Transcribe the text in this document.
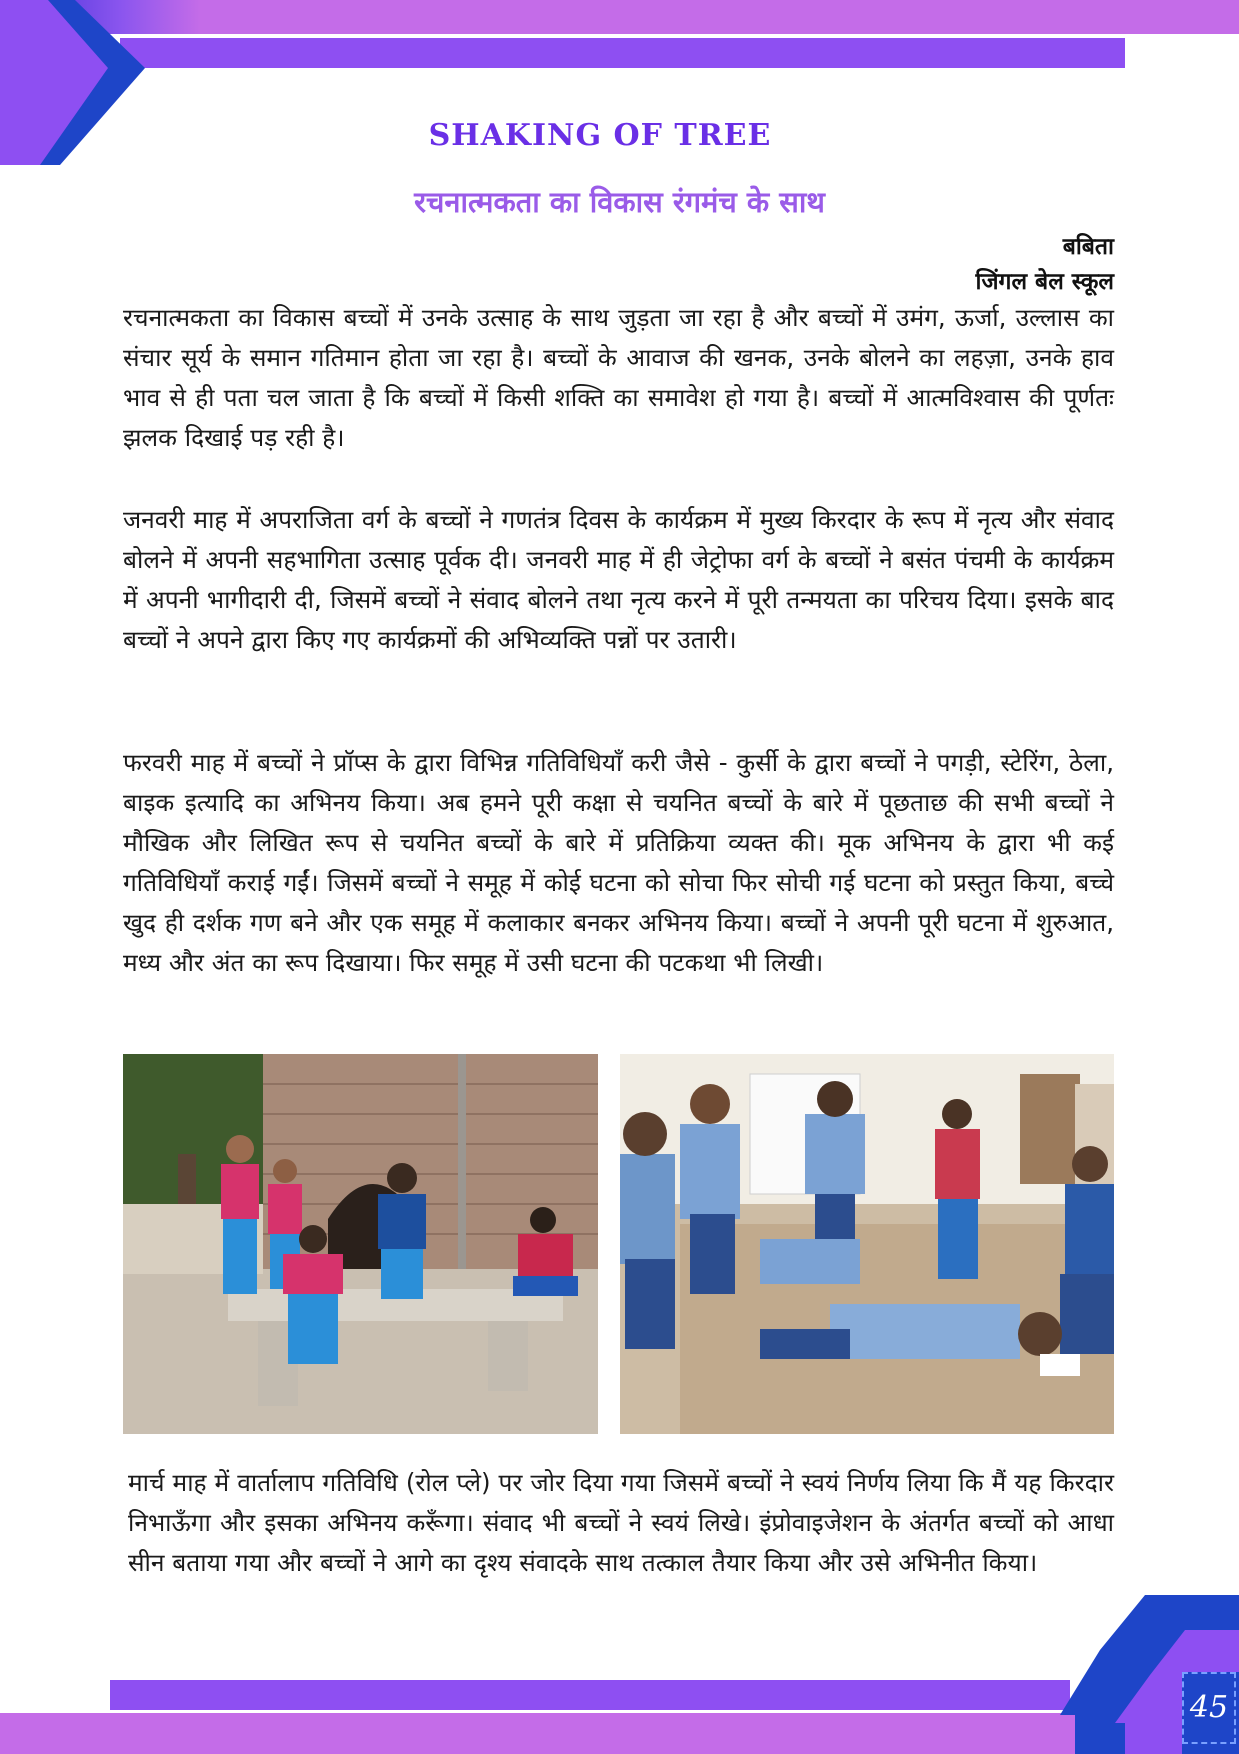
SHAKING OF TREE
रचनात्मकता का विकास रंगमंच के साथ
बबिता
जिंगल बेल स्कूल

रचनात्मकता का विकास बच्चों में उनके उत्साह के साथ जुड़ता जा रहा है और बच्चों में उमंग, ऊर्जा, उल्लास का संचार सूर्य के समान गतिमान होता जा रहा है। बच्चों के आवाज की खनक, उनके बोलने का लहज़ा, उनके हाव भाव से ही पता चल जाता है कि बच्चों में किसी शक्ति का समावेश हो गया है। बच्चों में आत्मविश्वास की पूर्णतः झलक दिखाई पड़ रही है।

जनवरी माह में अपराजिता वर्ग के बच्चों ने गणतंत्र दिवस के कार्यक्रम में मुख्य किरदार के रूप में नृत्य और संवाद बोलने में अपनी सहभागिता उत्साह पूर्वक दी। जनवरी माह में ही जेट्रोफा वर्ग के बच्चों ने बसंत पंचमी के कार्यक्रम में अपनी भागीदारी दी, जिसमें बच्चों ने संवाद बोलने तथा नृत्य करने में पूरी तन्मयता का परिचय दिया। इसके बाद बच्चों ने अपने द्वारा किए गए कार्यक्रमों की अभिव्यक्ति पन्नों पर उतारी।

फरवरी माह में बच्चों ने प्रॉप्स के द्वारा विभिन्न गतिविधियाँ करी जैसे - कुर्सी के द्वारा बच्चों ने पगड़ी, स्टेरिंग, ठेला, बाइक इत्यादि का अभिनय किया। अब हमने पूरी कक्षा से चयनित बच्चों के बारे में पूछताछ की सभी बच्चों ने मौखिक और लिखित रूप से चयनित बच्चों के बारे में प्रतिक्रिया व्यक्त की। मूक अभिनय के द्वारा भी कई गतिविधियाँ कराई गईं। जिसमें बच्चों ने समूह में कोई घटना को सोचा फिर सोची गई घटना को प्रस्तुत किया, बच्चे खुद ही दर्शक गण बने और एक समूह में कलाकार बनकर अभिनय किया। बच्चों ने अपनी पूरी घटना में शुरुआत, मध्य और अंत का रूप दिखाया। फिर समूह में उसी घटना की पटकथा भी लिखी।

मार्च माह में वार्तालाप गतिविधि (रोल प्ले) पर जोर दिया गया जिसमें बच्चों ने स्वयं निर्णय लिया कि मैं यह किरदार निभाऊँगा और इसका अभिनय करूँगा। संवाद भी बच्चों ने स्वयं लिखे। इंप्रोवाइजेशन के अंतर्गत बच्चों को आधा सीन बताया गया और बच्चों ने आगे का दृश्य संवादके साथ तत्काल तैयार किया और उसे अभिनीत किया।

45
